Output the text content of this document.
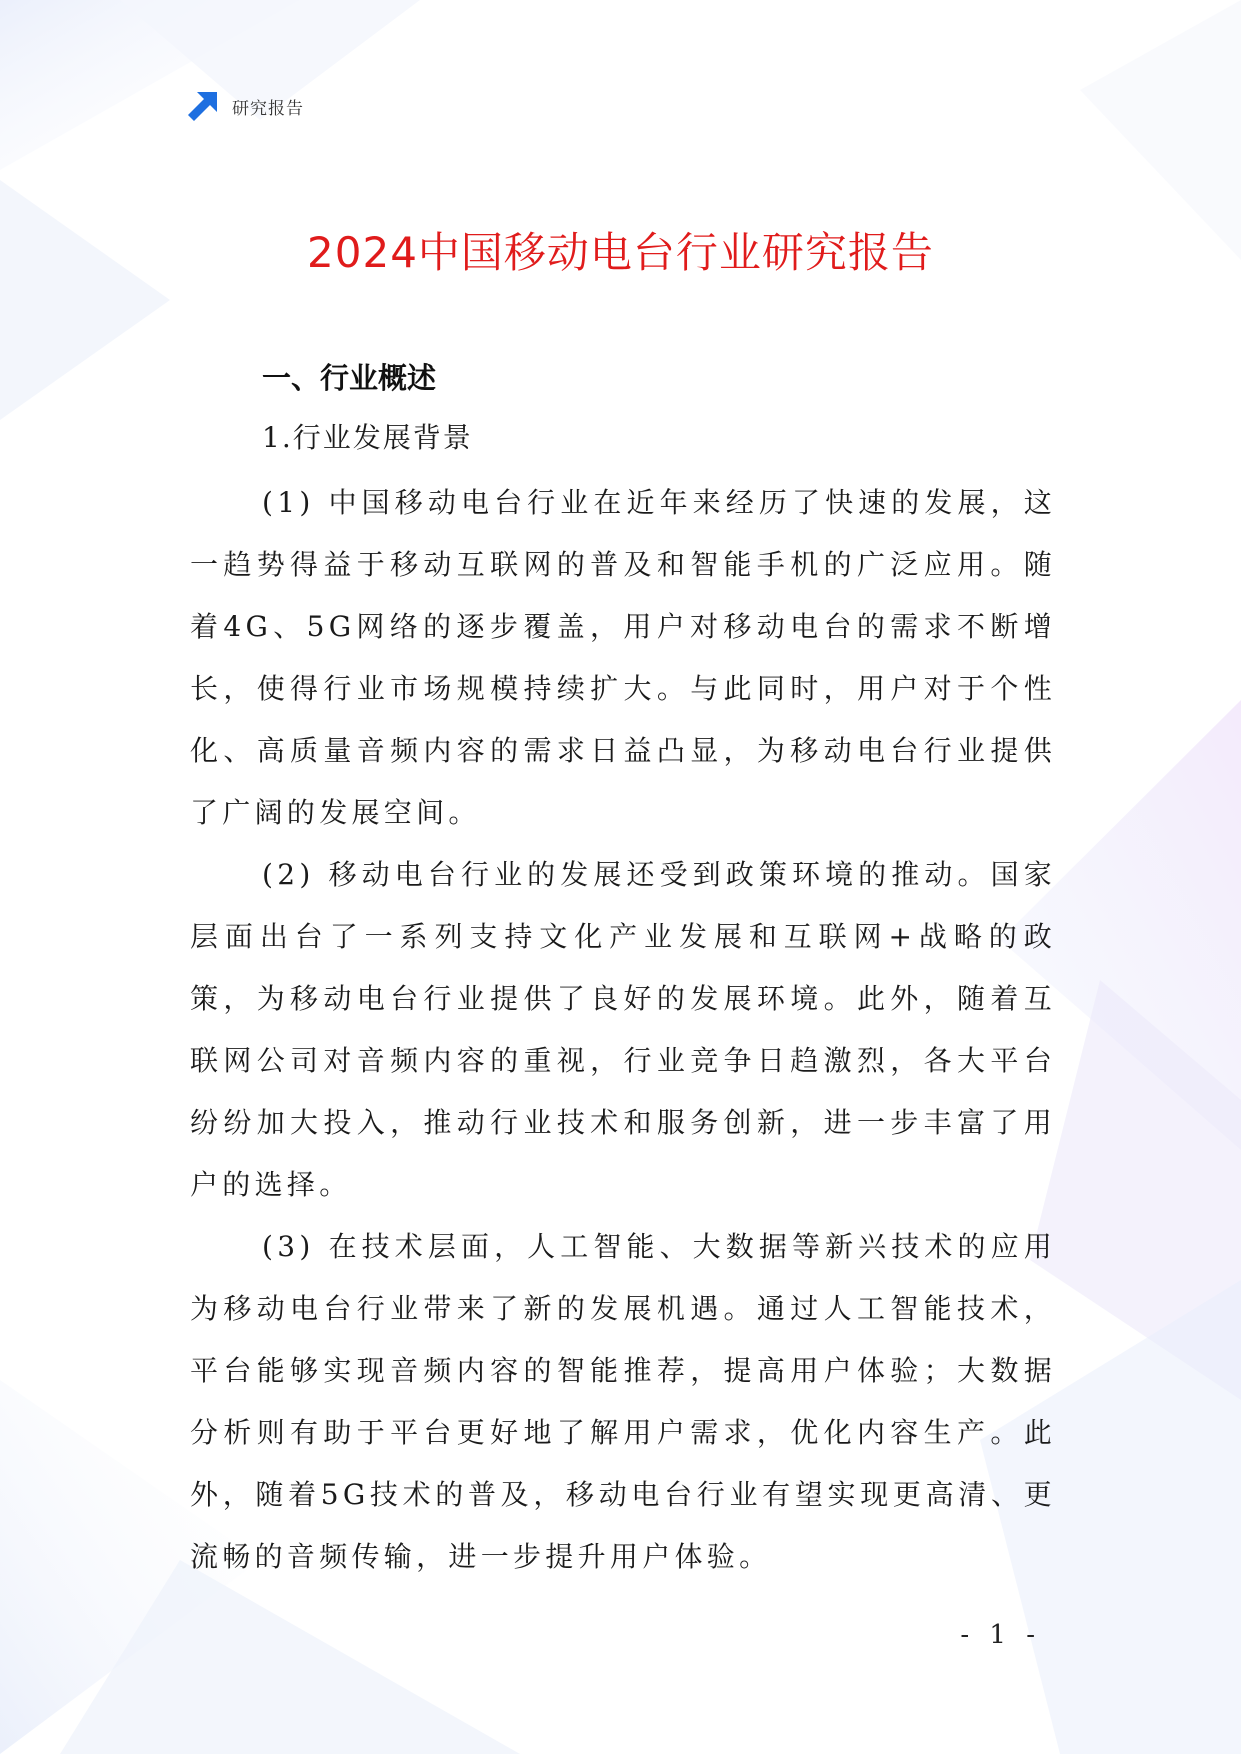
研究报告
2024中国移动电台行业研究报告
一、行业概述
1.行业发展背景

(1) 中国移动电台行业在近年来经历了快速的发展，这一趋势得益于移动互联网的普及和智能手机的广泛应用。随着4G、5G网络的逐步覆盖，用户对移动电台的需求不断增长，使得行业市场规模持续扩大。与此同时，用户对于个性化、高质量音频内容的需求日益凸显，为移动电台行业提供了广阔的发展空间。

(2) 移动电台行业的发展还受到政策环境的推动。国家层面出台了一系列支持文化产业发展和互联网+战略的政策，为移动电台行业提供了良好的发展环境。此外，随着互联网公司对音频内容的重视，行业竞争日趋激烈，各大平台纷纷加大投入，推动行业技术和服务创新，进一步丰富了用户的选择。

(3) 在技术层面，人工智能、大数据等新兴技术的应用为移动电台行业带来了新的发展机遇。通过人工智能技术，平台能够实现音频内容的智能推荐，提高用户体验；大数据分析则有助于平台更好地了解用户需求，优化内容生产。此外，随着5G技术的普及，移动电台行业有望实现更高清、更流畅的音频传输，进一步提升用户体验。

- 1 -
